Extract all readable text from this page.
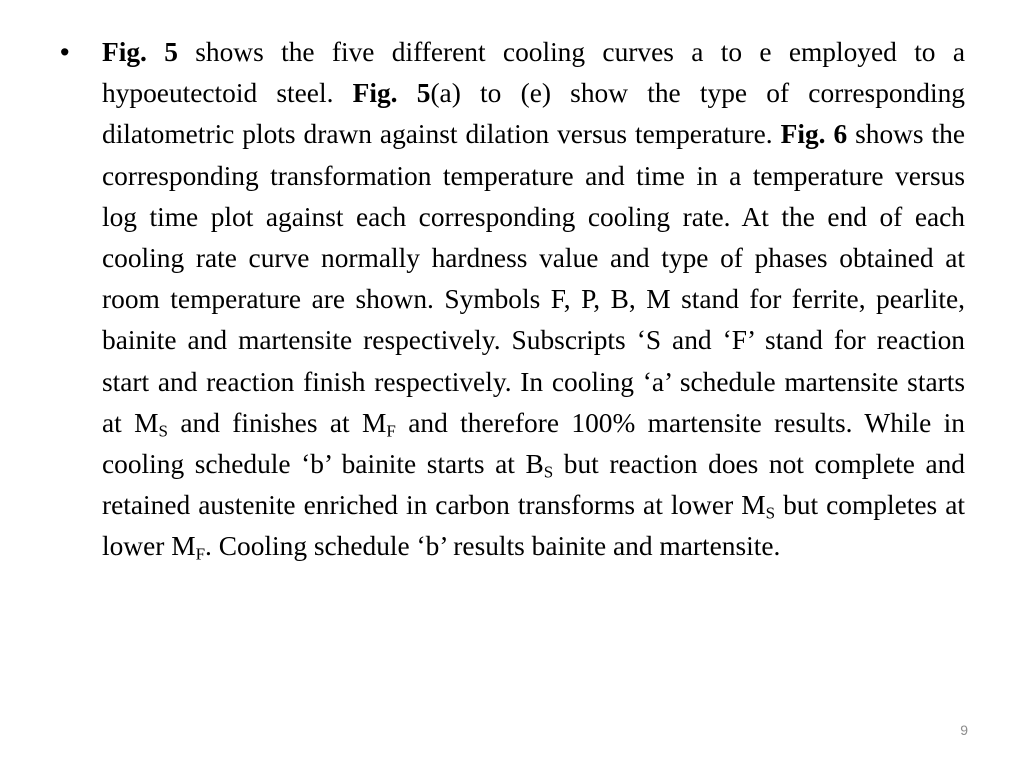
• Fig. 5 shows the five different cooling curves a to e employed to a hypoeutectoid steel. Fig. 5(a) to (e) show the type of corresponding dilatometric plots drawn against dilation versus temperature. Fig. 6 shows the corresponding transformation temperature and time in a temperature versus log time plot against each corresponding cooling rate. At the end of each cooling rate curve normally hardness value and type of phases obtained at room temperature are shown. Symbols F, P, B, M stand for ferrite, pearlite, bainite and martensite respectively. Subscripts ‘S and ‘F’ stand for reaction start and reaction finish respectively. In cooling ‘a’ schedule martensite starts at $M_S$ and finishes at $M_F$ and therefore 100% martensite results. While in cooling schedule ‘b’ bainite starts at $B_S$ but reaction does not complete and retained austenite enriched in carbon transforms at lower $M_S$ but completes at lower $M_F$. Cooling schedule ‘b’ results bainite and martensite.

9
